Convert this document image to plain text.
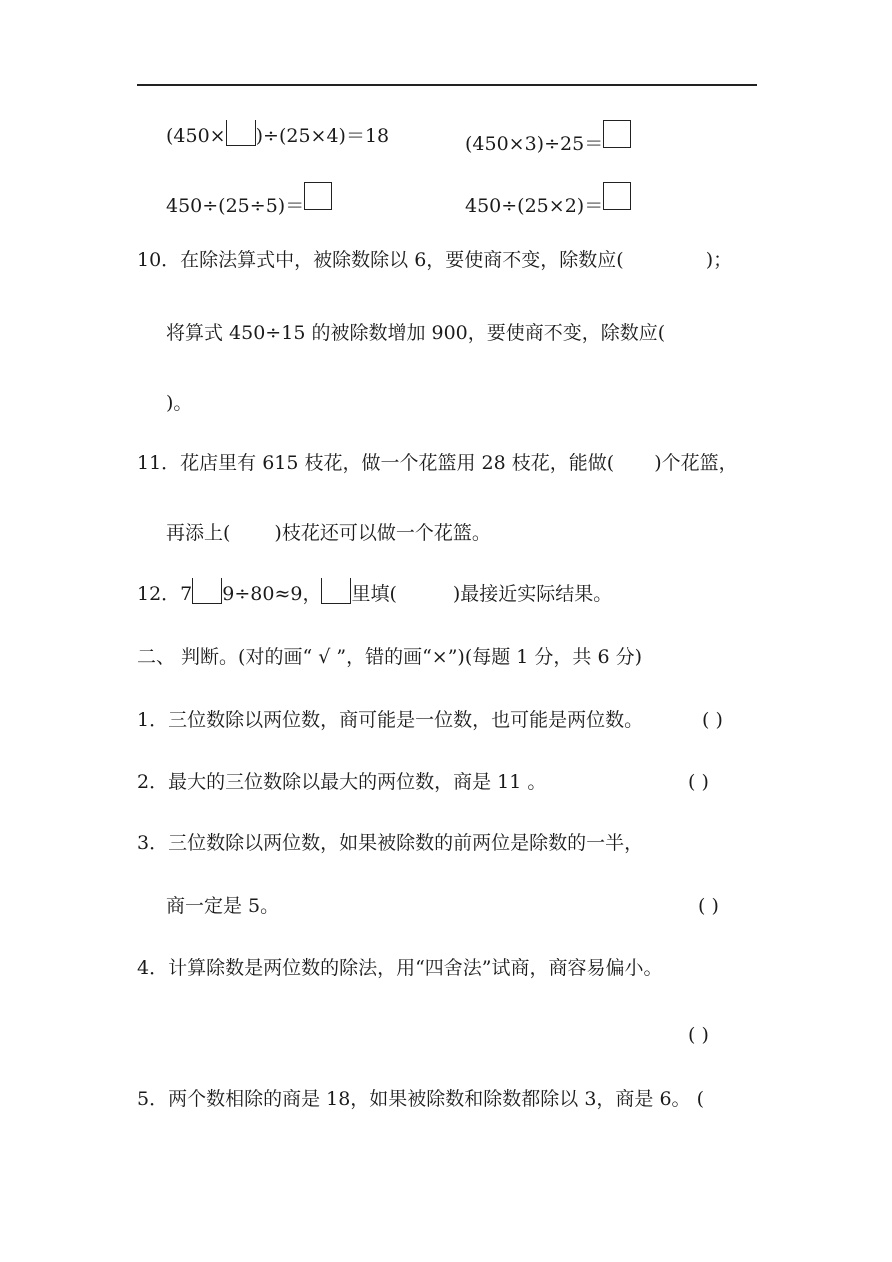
(450× )÷(25×4)＝18	(450×3)÷25＝
450÷(25÷5)＝	450÷(25×2)＝
10．在除法算式中，被除数除以 6，要使商不变，除数应(	)；
将算式 450÷15 的被除数增加 900，要使商不变，除数应(
)。
11．花店里有 615 枝花，做一个花篮用 28 枝花，能做( )个花篮，
再添上( )枝花还可以做一个花篮。
12．7 9÷80≈9， 里填(	)最接近实际结果。
二、 判断。(对的画“ √ ”，错的画“×”)(每题 1 分，共 6 分)
1．三位数除以两位数，商可能是一位数，也可能是两位数。	( )
2．最大的三位数除以最大的两位数，商是 11 。	( )
3．三位数除以两位数，如果被除数的前两位是除数的一半，
商一定是 5。	( )
4．计算除数是两位数的除法，用“四舍法”试商，商容易偏小。
( )
5．两个数相除的商是 18，如果被除数和除数都除以 3，商是 6。 (
